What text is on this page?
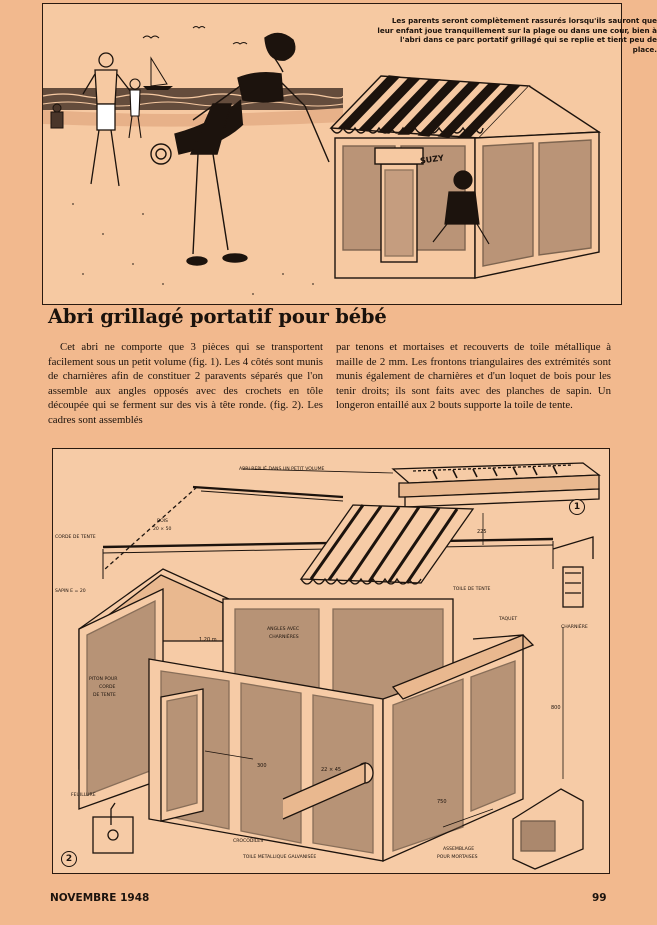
Les parents seront complètement rassurés lorsqu'ils sauront que leur enfant joue tranquillement sur la plage ou dans une cour, bien à l'abri dans ce parc portatif grillagé qui se replie et tient peu de place.
SUZY
Abri grillagé portatif pour bébé
Cet abri ne comporte que 3 pièces qui se transportent facilement sous un petit volume (fig. 1). Les 4 côtés sont munis de charnières afin de constituer 2 paravents séparés que l'on assemble aux angles opposés avec des crochets en tôle découpée qui se ferment sur des vis à tête ronde. (fig. 2). Les cadres sont assemblés
par tenons et mortaises et recouverts de toile métallique à maille de 2 mm. Les frontons triangulaires des extrémités sont munis également de charnières et d'un loquet de bois pour les tenir droits; ils sont faits avec des planches de sapin. Un longeron entaillé aux 2 bouts supporte la toile de tente.
ABRI REPLIÉ DANS UN PETIT VOLUME
CORDE DE TENTE
BOIS
20 × 50
SAPIN E = 20	TOILE DE TENTE
TAQUET
CHARNIÈRE
ANGLES AVEC
CHARNIÈRES
PITON POUR
CORDE
DE TENTE
FEUILLURE
CROCODILES
TOILE METALLIQUE GALVANISÉE
ASSEMBLAGE
POUR MORTAISES
225
1,20 m
300
22 × 45
800
750
1
2
NOVEMBRE 1948	99
